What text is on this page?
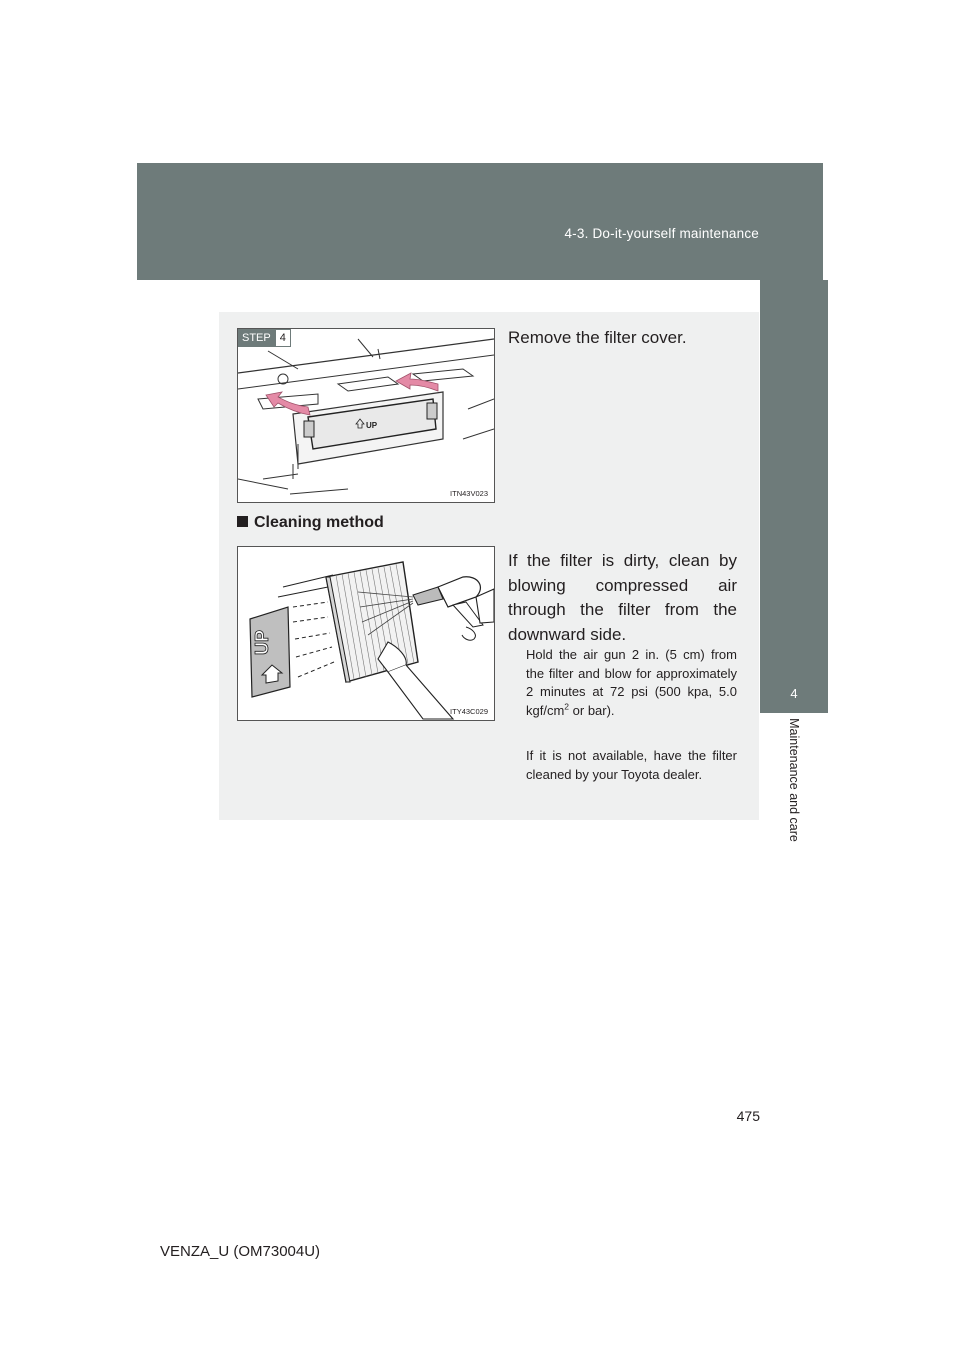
4-3. Do-it-yourself maintenance
4
Maintenance and care
UP
STEP 4
ITN43V023
Remove the filter cover.
Cleaning method
UP
ITY43C029
If the filter is dirty, clean by blowing compressed air through the filter from the downward side.
Hold the air gun 2 in. (5 cm) from the filter and blow for approximately 2 minutes at 72 psi (500 kpa, 5.0 kgf/$cm^2$ or bar).
If it is not available, have the filter cleaned by your Toyota dealer.
475
VENZA_U (OM73004U)
